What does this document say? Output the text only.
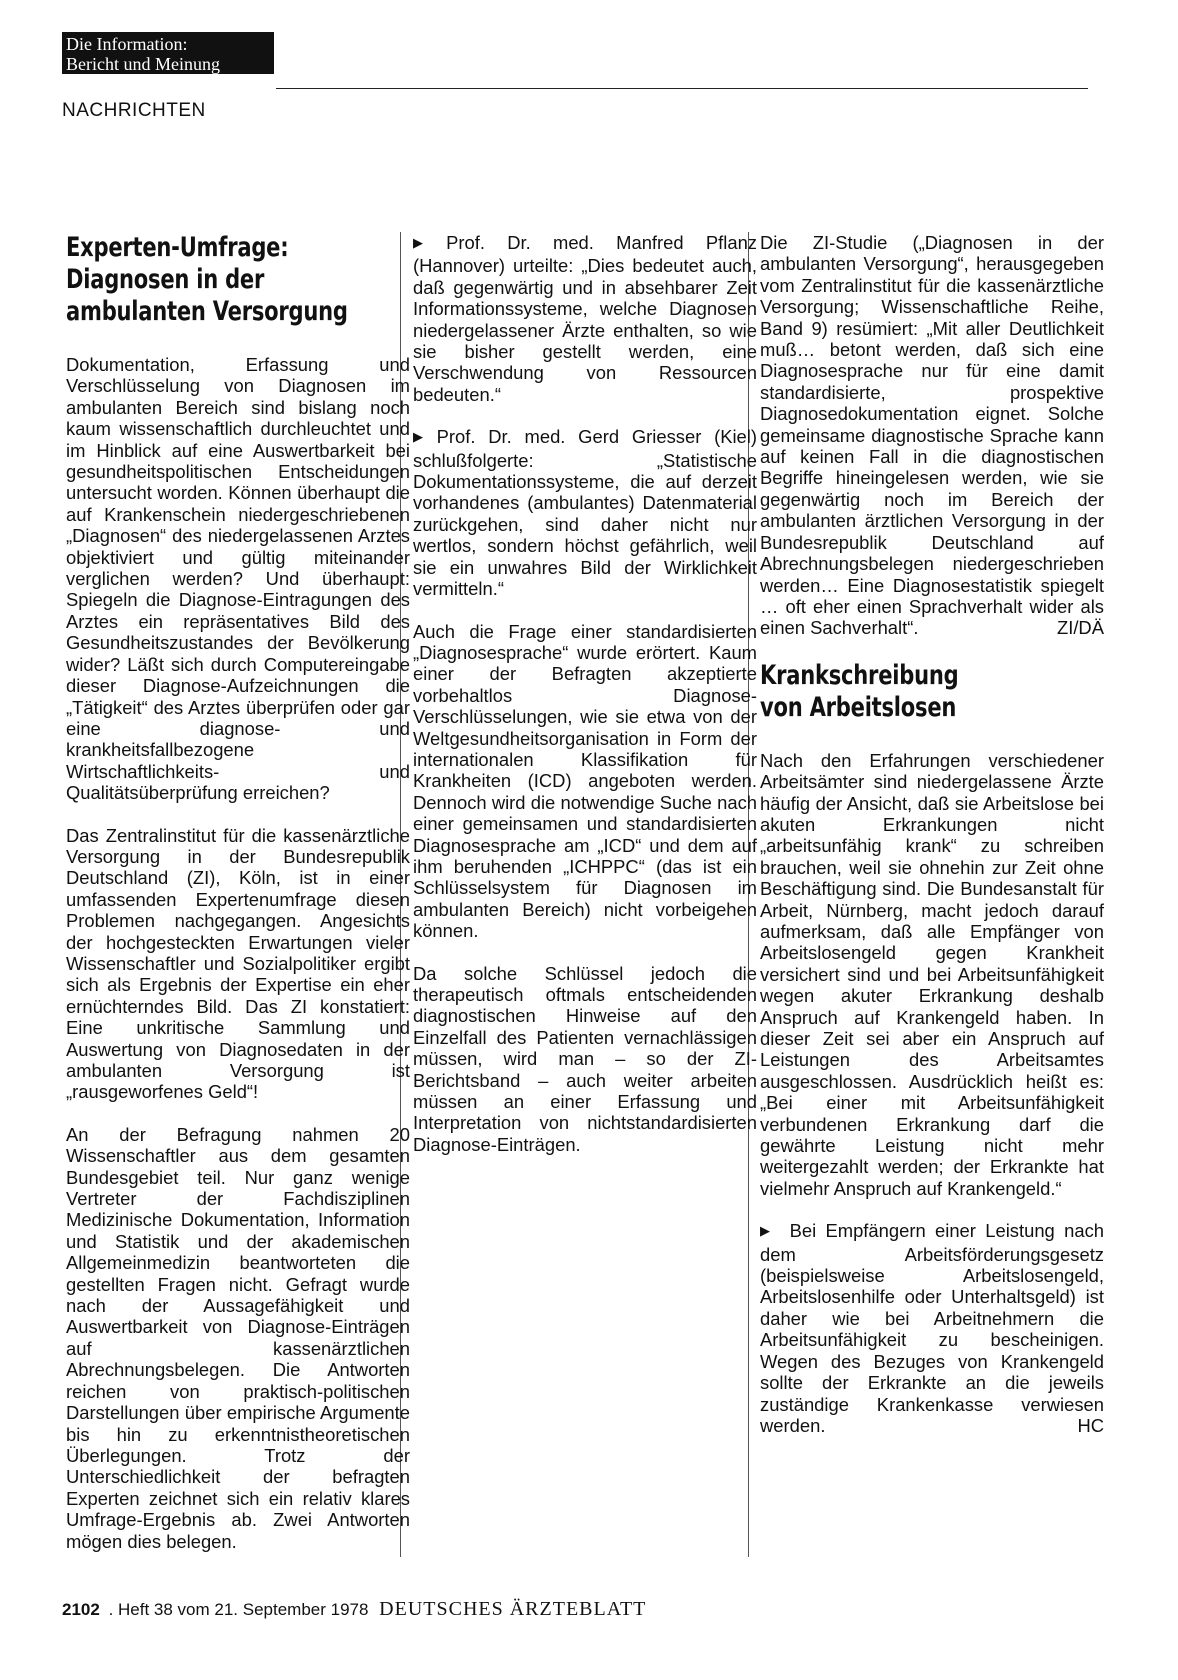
Die Information:
Bericht und Meinung
NACHRICHTEN
Experten-Umfrage:
Diagnosen in der
ambulanten Versorgung

Dokumentation, Erfassung und Verschlüsselung von Diagnosen im ambulanten Bereich sind bislang noch kaum wissenschaftlich durchleuchtet und im Hinblick auf eine Auswertbarkeit bei gesundheitspolitischen Entscheidungen untersucht worden. Können überhaupt die auf Krankenschein niedergeschriebenen „Diagnosen“ des niedergelassenen Arztes objektiviert und gültig miteinander verglichen werden? Und überhaupt: Spiegeln die Diagnose-Eintragungen des Arztes ein repräsentatives Bild des Gesundheitszustandes der Bevölkerung wider? Läßt sich durch Computereingabe dieser Diagnose-Aufzeichnungen die „Tätigkeit“ des Arztes überprüfen oder gar eine diagnose- und krankheitsfallbezogene Wirtschaftlichkeits- und Qualitätsüberprüfung erreichen?

Das Zentralinstitut für die kassenärztliche Versorgung in der Bundesrepublik Deutschland (ZI), Köln, ist in einer umfassenden Expertenumfrage diesen Problemen nachgegangen. Angesichts der hochgesteckten Erwartungen vieler Wissenschaftler und Sozialpolitiker ergibt sich als Ergebnis der Expertise ein eher ernüchterndes Bild. Das ZI konstatiert: Eine unkritische Sammlung und Auswertung von Diagnosedaten in der ambulanten Versorgung ist „rausgeworfenes Geld“!

An der Befragung nahmen 20 Wissenschaftler aus dem gesamten Bundesgebiet teil. Nur ganz wenige Vertreter der Fachdisziplinen Medizinische Dokumentation, Information und Statistik und der akademischen Allgemeinmedizin beantworteten die gestellten Fragen nicht. Gefragt wurde nach der Aussagefähigkeit und Auswertbarkeit von Diagnose-Einträgen auf kassenärztlichen Abrechnungsbelegen. Die Antworten reichen von praktisch-politischen Darstellungen über empirische Argumente bis hin zu erkenntnistheoretischen Überlegungen. Trotz der Unterschiedlichkeit der befragten Experten zeichnet sich ein relativ klares Umfrage-Ergebnis ab. Zwei Antworten mögen dies belegen.

▶ Prof. Dr. med. Manfred Pflanz (Hannover) urteilte: „Dies bedeutet auch, daß gegenwärtig und in absehbarer Zeit Informationssysteme, welche Diagnosen niedergelassener Ärzte enthalten, so wie sie bisher gestellt werden, eine Verschwendung von Ressourcen bedeuten.“

▶ Prof. Dr. med. Gerd Griesser (Kiel) schlußfolgerte: „Statistische Dokumentationssysteme, die auf derzeit vorhandenes (ambulantes) Datenmaterial zurückgehen, sind daher nicht nur wertlos, sondern höchst gefährlich, weil sie ein unwahres Bild der Wirklichkeit vermitteln.“

Auch die Frage einer standardisierten „Diagnosesprache“ wurde erörtert. Kaum einer der Befragten akzeptierte vorbehaltlos Diagnose-Verschlüsselungen, wie sie etwa von der Weltgesundheitsorganisation in Form der internationalen Klassifikation für Krankheiten (ICD) angeboten werden. Dennoch wird die notwendige Suche nach einer gemeinsamen und standardisierten Diagnosesprache am „ICD“ und dem auf ihm beruhenden „ICHPPC“ (das ist ein Schlüsselsystem für Diagnosen im ambulanten Bereich) nicht vorbeigehen können.

Da solche Schlüssel jedoch die therapeutisch oftmals entscheidenden diagnostischen Hinweise auf den Einzelfall des Patienten vernachlässigen müssen, wird man – so der ZI-Berichtsband – auch weiter arbeiten müssen an einer Erfassung und Interpretation von nichtstandardisierten Diagnose-Einträgen.

Die ZI-Studie („Diagnosen in der ambulanten Versorgung“, herausgegeben vom Zentralinstitut für die kassenärztliche Versorgung; Wissenschaftliche Reihe, Band 9) resümiert: „Mit aller Deutlichkeit muß… betont werden, daß sich eine Diagnosesprache nur für eine damit standardisierte, prospektive Diagnosedokumentation eignet. Solche gemeinsame diagnostische Sprache kann auf keinen Fall in die diagnostischen Begriffe hineingelesen werden, wie sie gegenwärtig noch im Bereich der ambulanten ärztlichen Versorgung in der Bundesrepublik Deutschland auf Abrechnungsbelegen niedergeschrieben werden… Eine Diagnosestatistik spiegelt … oft eher einen Sprachverhalt wider als einen Sachverhalt“.	ZI/DÄ

Krankschreibung
von Arbeitslosen

Nach den Erfahrungen verschiedener Arbeitsämter sind niedergelassene Ärzte häufig der Ansicht, daß sie Arbeitslose bei akuten Erkrankungen nicht „arbeitsunfähig krank“ zu schreiben brauchen, weil sie ohnehin zur Zeit ohne Beschäftigung sind. Die Bundesanstalt für Arbeit, Nürnberg, macht jedoch darauf aufmerksam, daß alle Empfänger von Arbeitslosengeld gegen Krankheit versichert sind und bei Arbeitsunfähigkeit wegen akuter Erkrankung deshalb Anspruch auf Krankengeld haben. In dieser Zeit sei aber ein Anspruch auf Leistungen des Arbeitsamtes ausgeschlossen. Ausdrücklich heißt es: „Bei einer mit Arbeitsunfähigkeit verbundenen Erkrankung darf die gewährte Leistung nicht mehr weitergezahlt werden; der Erkrankte hat vielmehr Anspruch auf Krankengeld.“

▶ Bei Empfängern einer Leistung nach dem Arbeitsförderungsgesetz (beispielsweise Arbeitslosengeld, Arbeitslosenhilfe oder Unterhaltsgeld) ist daher wie bei Arbeitnehmern die Arbeitsunfähigkeit zu bescheinigen. Wegen des Bezuges von Krankengeld sollte der Erkrankte an die jeweils zuständige Krankenkasse verwiesen werden.	HC

2102 . Heft 38 vom 21. September 1978 DEUTSCHES ÄRZTEBLATT
